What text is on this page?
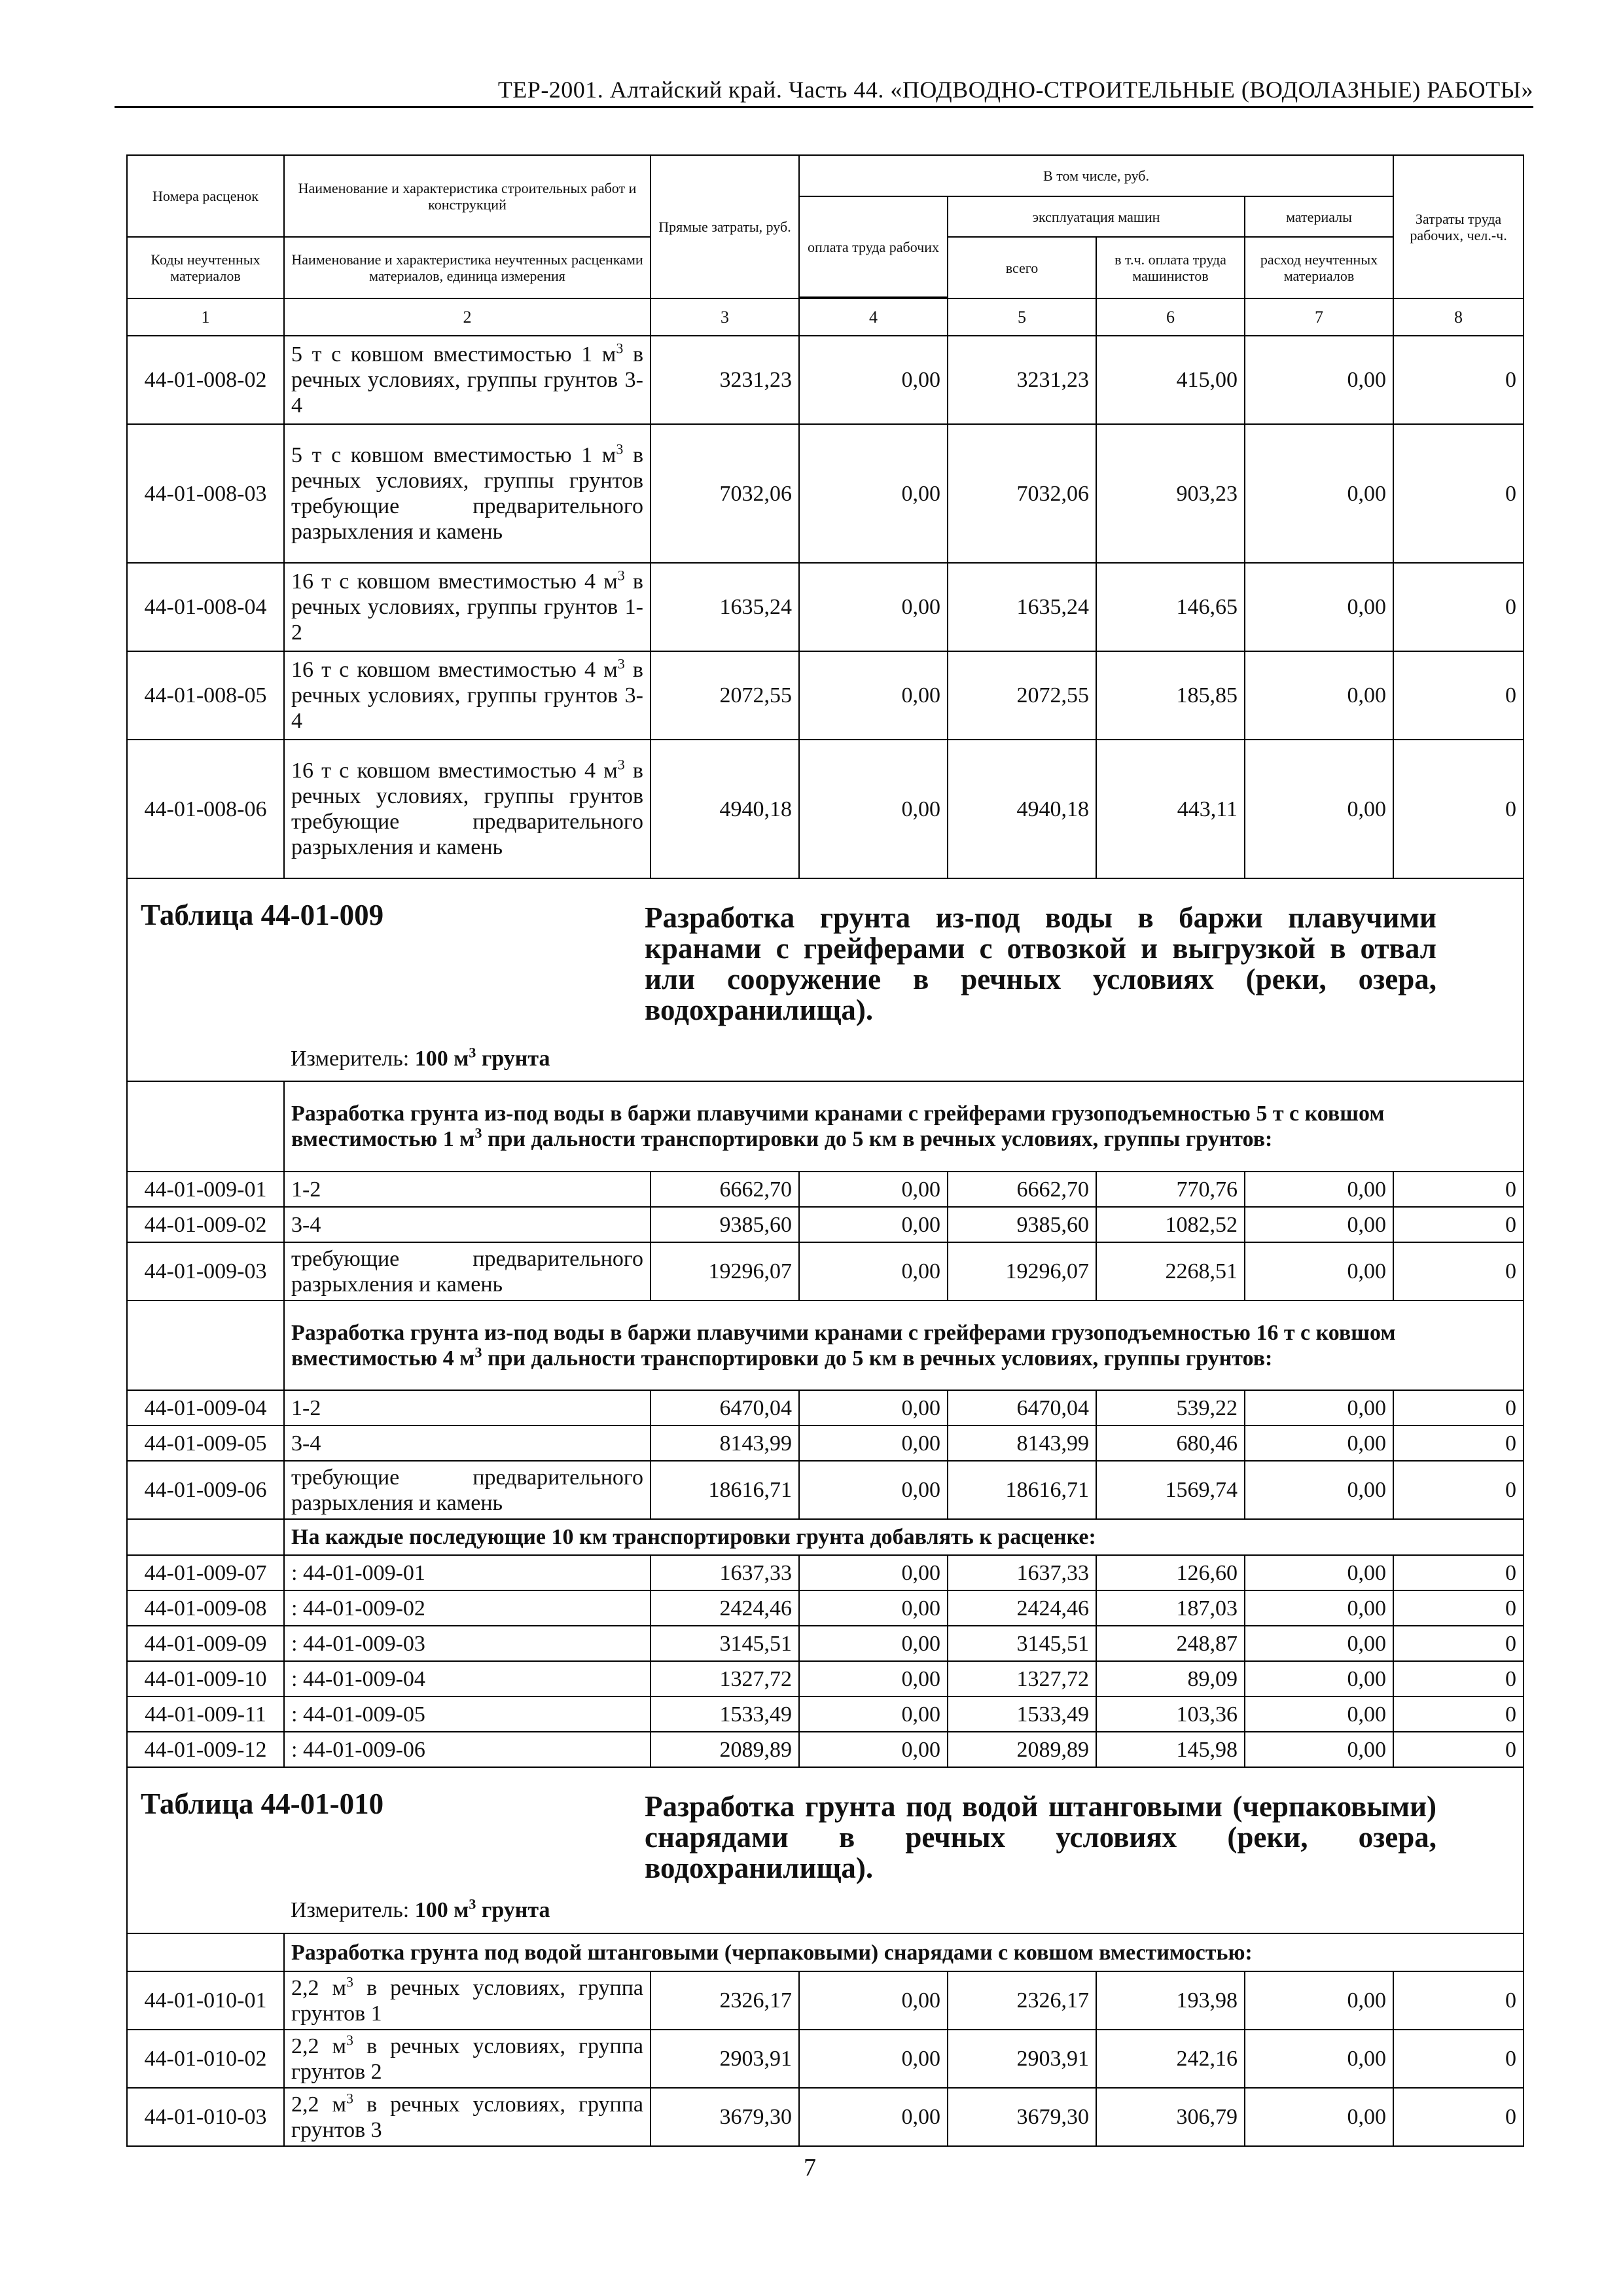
ТЕР-2001. Алтайский край. Часть 44. «ПОДВОДНО-СТРОИТЕЛЬНЫЕ (ВОДОЛАЗНЫЕ) РАБОТЫ»
Номера расценок	Наименование и характеристика строительных работ и конструкций	Прямые затраты, руб.	В том числе, руб.				Затраты труда рабочих, чел.-ч.
			оплата труда рабочих	эксплуатация машин		материалы	
Коды неучтенных материалов	Наименование и характеристика неучтенных расценками материалов, единица измерения			всего	в т.ч. оплата труда машинистов	расход неучтенных материалов	

1	2	3	4	5	6	7	8
44-01-008-02	5 т с ковшом вместимостью 1 $м^3$ в речных условиях, группы грунтов 3-4	3231,23	0,00	3231,23	415,00	0,00	0
44-01-008-03	5 т с ковшом вместимостью 1 $м^3$ в речных условиях, группы грунтов требующие предварительного разрыхления и камень	7032,06	0,00	7032,06	903,23	0,00	0
44-01-008-04	16 т с ковшом вместимостью 4 $м^3$ в речных условиях, группы грунтов 1-2	1635,24	0,00	1635,24	146,65	0,00	0
44-01-008-05	16 т с ковшом вместимостью 4 $м^3$ в речных условиях, группы грунтов 3-4	2072,55	0,00	2072,55	185,85	0,00	0
44-01-008-06	16 т с ковшом вместимостью 4 $м^3$ в речных условиях, группы грунтов требующие предварительного разрыхления и камень	4940,18	0,00	4940,18	443,11	0,00	0

Таблица 44-01-009 Разработка грунта из-под воды в баржи плавучими кранами с грейферами с отвозкой и выгрузкой в отвал или сооружение в речных условиях (реки, озера, водохранилища).
Измеритель: 100 $м^3$ грунта							

	Разработка грунта из-под воды в баржи плавучими кранами с грейферами грузоподъемностью 5 т с ковшом вместимостью 1 $м^3$ при дальности транспортировки до 5 км в речных условиях, группы грунтов:						
44-01-009-01	1-2	6662,70	0,00	6662,70	770,76	0,00	0
44-01-009-02	3-4	9385,60	0,00	9385,60	1082,52	0,00	0
44-01-009-03	требующие предварительного разрыхления и камень	19296,07	0,00	19296,07	2268,51	0,00	0
	Разработка грунта из-под воды в баржи плавучими кранами с грейферами грузоподъемностью 16 т с ковшом вместимостью 4 $м^3$ при дальности транспортировки до 5 км в речных условиях, группы грунтов:						
44-01-009-04	1-2	6470,04	0,00	6470,04	539,22	0,00	0
44-01-009-05	3-4	8143,99	0,00	8143,99	680,46	0,00	0
44-01-009-06	требующие предварительного разрыхления и камень	18616,71	0,00	18616,71	1569,74	0,00	0
	На каждые последующие 10 км транспортировки грунта добавлять к расценке:						
44-01-009-07	: 44-01-009-01	1637,33	0,00	1637,33	126,60	0,00	0
44-01-009-08	: 44-01-009-02	2424,46	0,00	2424,46	187,03	0,00	0
44-01-009-09	: 44-01-009-03	3145,51	0,00	3145,51	248,87	0,00	0
44-01-009-10	: 44-01-009-04	1327,72	0,00	1327,72	89,09	0,00	0
44-01-009-11	: 44-01-009-05	1533,49	0,00	1533,49	103,36	0,00	0
44-01-009-12	: 44-01-009-06	2089,89	0,00	2089,89	145,98	0,00	0

Таблица 44-01-010 Разработка грунта под водой штанговыми (черпаковыми) снарядами в речных условиях (реки, озера, водохранилища).
Измеритель: 100 $м^3$ грунта							

	Разработка грунта под водой штанговыми (черпаковыми) снарядами с ковшом вместимостью:						
44-01-010-01	2,2 $м^3$ в речных условиях, группа грунтов 1	2326,17	0,00	2326,17	193,98	0,00	0
44-01-010-02	2,2 $м^3$ в речных условиях, группа грунтов 2	2903,91	0,00	2903,91	242,16	0,00	0
44-01-010-03	2,2 $м^3$ в речных условиях, группа грунтов 3	3679,30	0,00	3679,30	306,79	0,00	0
7
